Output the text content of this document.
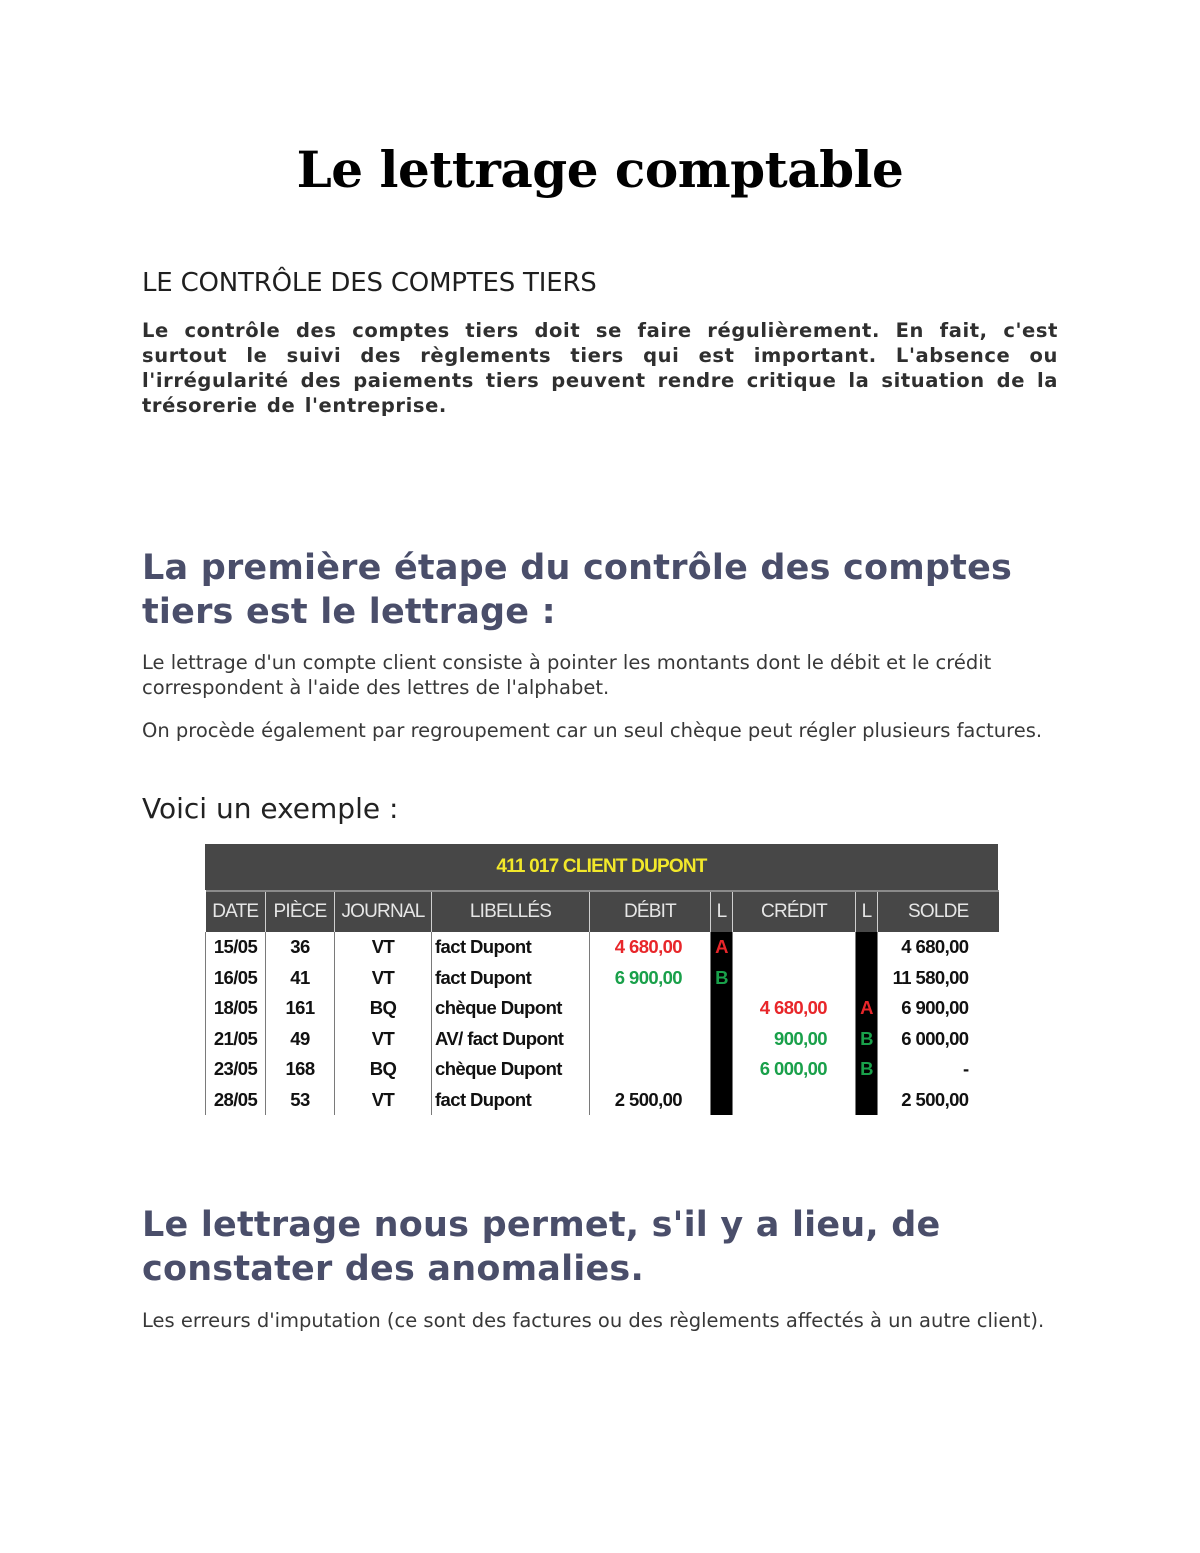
Le lettrage comptable
LE CONTRÔLE DES COMPTES TIERS

Le contrôle des comptes tiers doit se faire régulièrement. En fait, c'est surtout le suivi des règlements tiers qui est important. L'absence ou l'irrégularité des paiements tiers peuvent rendre critique la situation de la trésorerie de l'entreprise.

La première étape du contrôle des comptes tiers est le lettrage :

Le lettrage d'un compte client consiste à pointer les montants dont le débit et le crédit correspondent à l'aide des lettres de l'alphabet.

On procède également par regroupement car un seul chèque peut régler plusieurs factures.

Voici un exemple :
Le lettrage nous permet, s'il y a lieu, de constater des anomalies.

Les erreurs d'imputation (ce sont des factures ou des règlements affectés à un autre client).

411 017 CLIENT DUPONT
DATE	PIÈCE	JOURNAL	LIBELLÉS	DÉBIT	L	CRÉDIT	L	SOLDE
15/05	36	VT	fact Dupont	4 680,00	A			4 680,00
16/05	41	VT	fact Dupont	6 900,00	B			11 580,00
18/05	161	BQ	chèque Dupont			4 680,00	A	6 900,00
21/05	49	VT	AV/ fact Dupont			900,00	B	6 000,00
23/05	168	BQ	chèque Dupont			6 000,00	B	-
28/05	53	VT	fact Dupont	2 500,00				2 500,00
